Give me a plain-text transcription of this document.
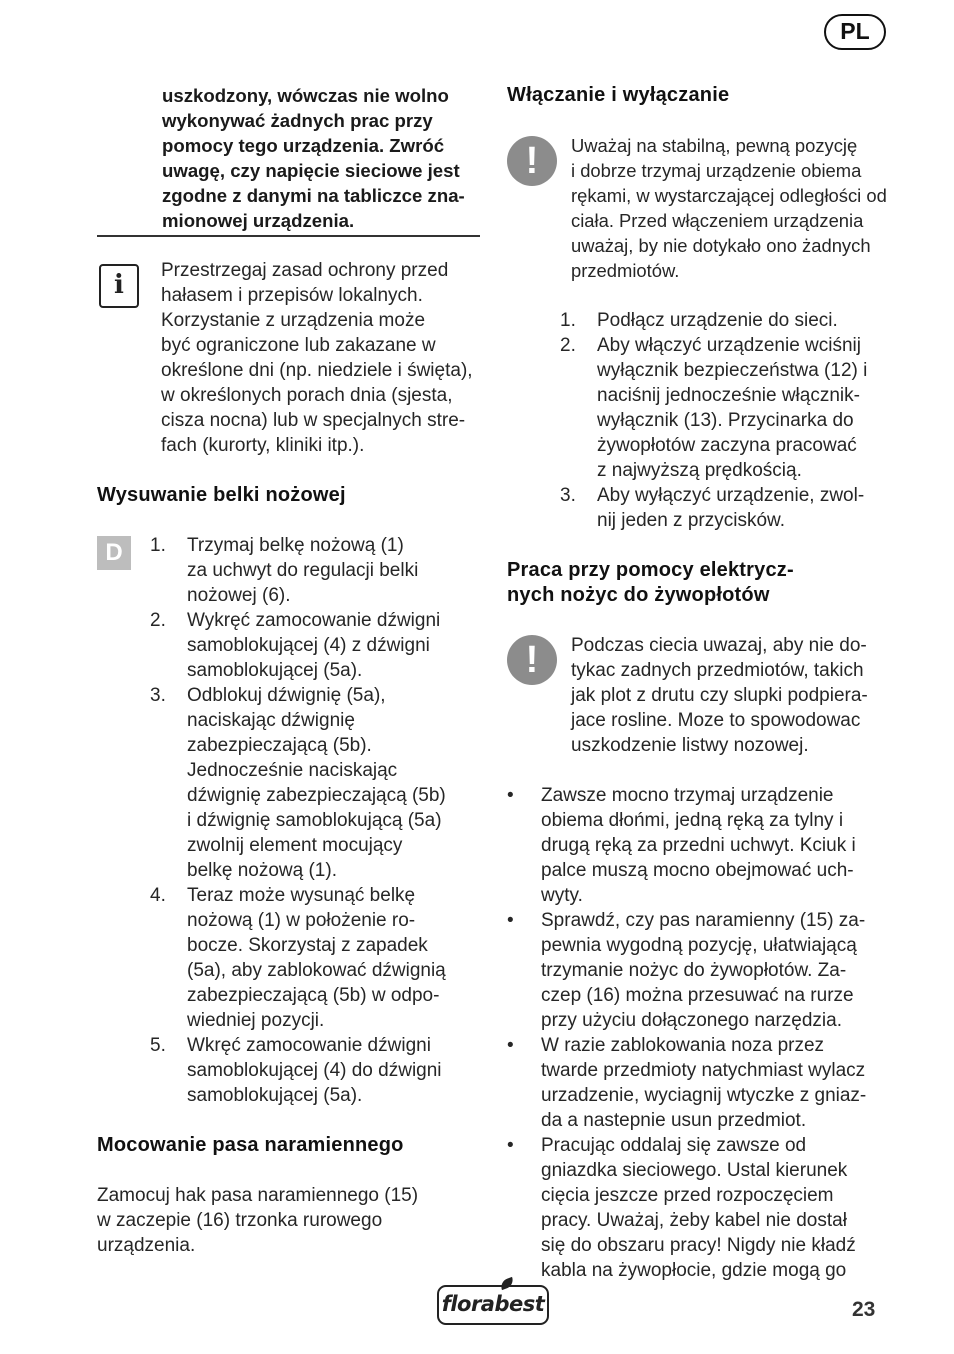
PL
uszkodzony, wówczas nie wolno
wykonywać żadnych prac przy
pomocy tego urządzenia. Zwróć
uwagę, czy napięcie sieciowe jest
zgodne z danymi na tabliczce zna-
mionowej urządzenia.
i	Przestrzegaj zasad ochrony przed
hałasem i przepisów lokalnych.
Korzystanie z urządzenia może
być ograniczone lub zakazane w
określone dni (np. niedziele i święta),
w określonych porach dnia (sjesta,
cisza nocna) lub w specjalnych stre-
fach (kurorty, kliniki itp.).
Wysuwanie belki nożowej
D	1. Trzymaj belkę nożową (1)
za uchwyt do regulacji belki
nożowej (6).
2. Wykręć zamocowanie dźwigni
samoblokującej (4) z dźwigni
samoblokującej (5a).
3. Odblokuj dźwignię (5a),
naciskając dźwignię
zabezpieczającą (5b).
Jednocześnie naciskając
dźwignię zabezpieczającą (5b)
i dźwignię samoblokującą (5a)
zwolnij element mocujący
belkę nożową (1).
4. Teraz może wysunąć belkę
nożową (1) w położenie ro-
bocze. Skorzystaj z zapadek
(5a), aby zablokować dźwignią
zabezpieczającą (5b) w odpo-
wiedniej pozycji.
5. Wkręć zamocowanie dźwigni
samoblokującej (4) do dźwigni
samoblokującej (5a).
Mocowanie pasa naramiennego
Zamocuj hak pasa naramiennego (15)
w zaczepie (16) trzonka rurowego
urządzenia.
Włączanie i wyłączanie
!	Uważaj na stabilną, pewną pozycję
i dobrze trzymaj urządzenie obiema
rękami, w wystarczającej odległości od
ciała. Przed włączeniem urządzenia
uważaj, by nie dotykało ono żadnych
przedmiotów.
1. Podłącz urządzenie do sieci.
2. Aby włączyć urządzenie wciśnij
wyłącznik bezpieczeństwa (12) i
naciśnij jednocześnie włącznik-
wyłącznik (13). Przycinarka do
żywopłotów zaczyna pracować
z najwyższą prędkością.
3. Aby wyłączyć urządzenie, zwol-
nij jeden z przycisków.
Praca przy pomocy elektrycz-
nych nożyc do żywopłotów
!	Podczas ciecia uwazaj, aby nie do-
tykac zadnych przedmiotów, takich
jak plot z drutu czy slupki podpiera-
jace rosline. Moze to spowodowac
uszkodzenie listwy nozowej.
• Zawsze mocno trzymaj urządzenie
obiema dłońmi, jedną ręką za tylny i
drugą ręką za przedni uchwyt. Kciuk i
palce muszą mocno obejmować uch-
wyty.
• Sprawdź, czy pas naramienny (15) za-
pewnia wygodną pozycję, ułatwiającą
trzymanie nożyc do żywopłotów. Za-
czep (16) można przesuwać na rurze
przy użyciu dołączonego narzędzia.
• W razie zablokowania noza przez
twarde przedmioty natychmiast wylacz
urzadzenie, wyciagnij wtyczke z gniaz-
da a nastepnie usun przedmiot.
• Pracując oddalaj się zawsze od
gniazdka sieciowego. Ustal kierunek
cięcia jeszcze przed rozpoczęciem
pracy. Uważaj, żeby kabel nie dostał
się do obszaru pracy! Nigdy nie kładź
kabla na żywopłocie, gdzie mogą go
florabest	23
